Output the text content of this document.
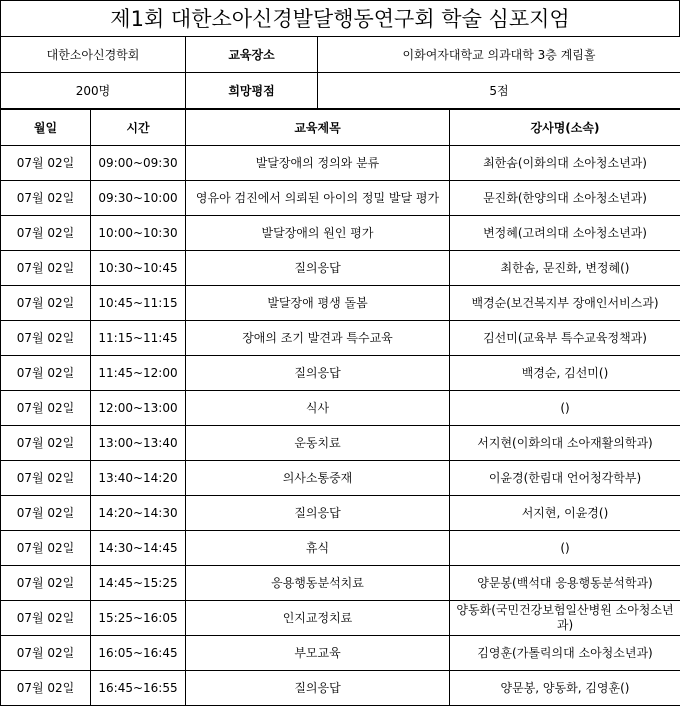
제1회 대한소아신경발달행동연구회 학술 심포지엄
대한소아신경학회	교육장소	이화여자대학교 의과대학 3층 계림홀
200명	희망평점	5점
월일	시간	교육제목	강사명(소속)
07월 02일	09:00~09:30	발달장애의 정의와 분류	최한솜(이화의대 소아청소년과)
07월 02일	09:30~10:00	영유아 검진에서 의뢰된 아이의 정밀 발달 평가	문진화(한양의대 소아청소년과)
07월 02일	10:00~10:30	발달장애의 원인 평가	변정혜(고려의대 소아청소년과)
07월 02일	10:30~10:45	질의응답	최한솜, 문진화, 변정혜()
07월 02일	10:45~11:15	발달장애 평생 돌봄	백경순(보건복지부 장애인서비스과)
07월 02일	11:15~11:45	장애의 조기 발견과 특수교육	김선미(교육부 특수교육정책과)
07월 02일	11:45~12:00	질의응답	백경순, 김선미()
07월 02일	12:00~13:00	식사	()
07월 02일	13:00~13:40	운동치료	서지현(이화의대 소아재활의학과)
07월 02일	13:40~14:20	의사소통중재	이윤경(한림대 언어청각학부)
07월 02일	14:20~14:30	질의응답	서지현, 이윤경()
07월 02일	14:30~14:45	휴식	()
07월 02일	14:45~15:25	응용행동분석치료	양문봉(백석대 응용행동분석학과)
07월 02일	15:25~16:05	인지교정치료	양동화(국민건강보험일산병원 소아청소년과)
07월 02일	16:05~16:45	부모교육	김영훈(가톨릭의대 소아청소년과)
07월 02일	16:45~16:55	질의응답	양문봉, 양동화, 김영훈()
